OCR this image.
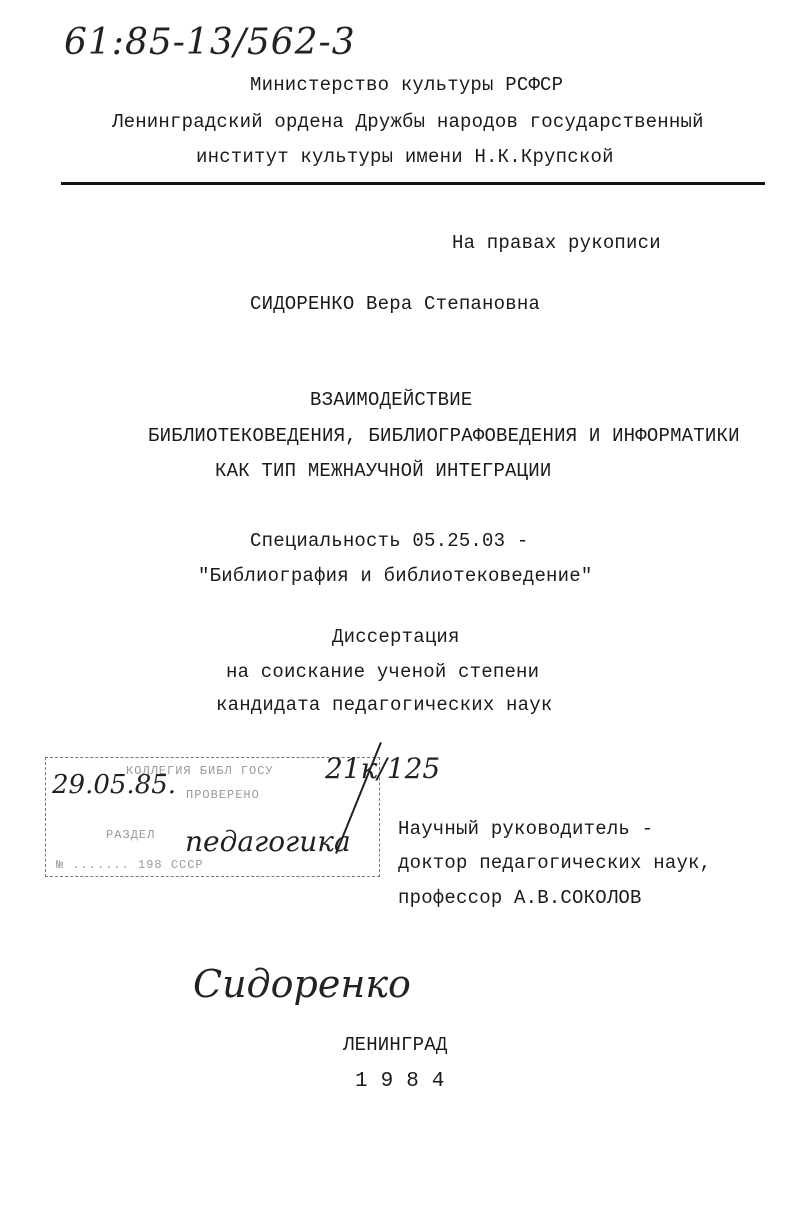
61:85-13/562-3
Министерство культуры РСФСР
Ленинградский ордена Дружбы народов государственный
институт культуры имени Н.К.Крупской
На правах рукописи
СИДОРЕНКО Вера Степановна
ВЗАИМОДЕЙСТВИЕ
БИБЛИОТЕКОВЕДЕНИЯ, БИБЛИОГРАФОВЕДЕНИЯ И ИНФОРМАТИКИ
КАК ТИП МЕЖНАУЧНОЙ ИНТЕГРАЦИИ
Специальность 05.25.03 -
"Библиография и библиотековедение"
Диссертация
на соискание ученой степени
кандидата педагогических наук
КОЛЛЕГИЯ БИБЛ ГОСУ
ПРОВЕРЕНО
РАЗДЕЛ
№ ....... 198 СССР
29.05.85.
педагогика
21к/125
Научный руководитель -
доктор педагогических наук,
профессор А.В.СОКОЛОВ
Сидоренко
ЛЕНИНГРАД
1 9 8 4
